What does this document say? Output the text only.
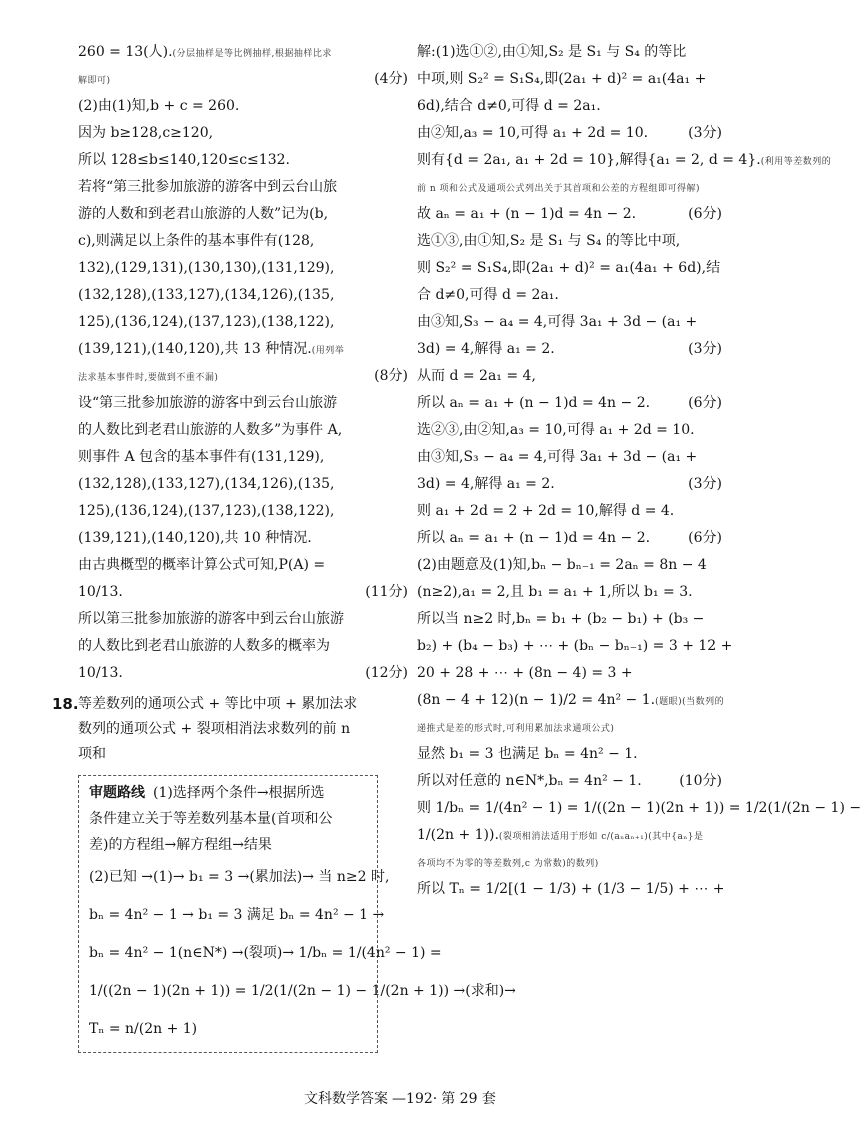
260 = 13(人).(分层抽样是等比例抽样,根据抽样比求
解即可)	(4分)
(2)由(1)知,b + c = 260.
因为 b≥128,c≥120,
所以 128≤b≤140,120≤c≤132.
若将“第三批参加旅游的游客中到云台山旅
游的人数和到老君山旅游的人数”记为(b,
c),则满足以上条件的基本事件有(128,
132),(129,131),(130,130),(131,129),
(132,128),(133,127),(134,126),(135,
125),(136,124),(137,123),(138,122),
(139,121),(140,120),共 13 种情况.(用列举
法求基本事件时,要做到不重不漏)	(8分)
设“第三批参加旅游的游客中到云台山旅游
的人数比到老君山旅游的人数多”为事件 A,
则事件 A 包含的基本事件有(131,129),
(132,128),(133,127),(134,126),(135,
125),(136,124),(137,123),(138,122),
(139,121),(140,120),共 10 种情况.
由古典概型的概率计算公式可知,P(A) =
10/13.	(11分)
所以第三批参加旅游的游客中到云台山旅游
的人数比到老君山旅游的人数多的概率为
10/13.	(12分)
18. 等差数列的通项公式 + 等比中项 + 累加法求
数列的通项公式 + 裂项相消法求数列的前 n
项和
审题路线 (1)选择两个条件→根据所选
条件建立关于等差数列基本量(首项和公
差)的方程组→解方程组→结果
(2)已知 →(1)→ b₁ = 3 →(累加法)→ 当 n≥2 时,
bₙ = 4n² − 1 → b₁ = 3 满足 bₙ = 4n² − 1 →
bₙ = 4n² − 1(n∈N*) →(裂项)→ 1/bₙ = 1/(4n² − 1) =
1/((2n − 1)(2n + 1)) = 1/2(1/(2n − 1) − 1/(2n + 1)) →(求和)→
Tₙ = n/(2n + 1)
解:(1)选①②,由①知,S₂ 是 S₁ 与 S₄ 的等比
中项,则 S₂² = S₁S₄,即(2a₁ + d)² = a₁(4a₁ +
6d),结合 d≠0,可得 d = 2a₁.
由②知,a₃ = 10,可得 a₁ + 2d = 10.	(3分)
则有{d = 2a₁, a₁ + 2d = 10},解得{a₁ = 2, d = 4}.(利用等差数列的
前 n 项和公式及通项公式列出关于其首项和公差的方程组即可得解)
故 aₙ = a₁ + (n − 1)d = 4n − 2.	(6分)
选①③,由①知,S₂ 是 S₁ 与 S₄ 的等比中项,
则 S₂² = S₁S₄,即(2a₁ + d)² = a₁(4a₁ + 6d),结
合 d≠0,可得 d = 2a₁.
由③知,S₃ − a₄ = 4,可得 3a₁ + 3d − (a₁ +
3d) = 4,解得 a₁ = 2.	(3分)
从而 d = 2a₁ = 4,
所以 aₙ = a₁ + (n − 1)d = 4n − 2.	(6分)
选②③,由②知,a₃ = 10,可得 a₁ + 2d = 10.
由③知,S₃ − a₄ = 4,可得 3a₁ + 3d − (a₁ +
3d) = 4,解得 a₁ = 2.	(3分)
则 a₁ + 2d = 2 + 2d = 10,解得 d = 4.
所以 aₙ = a₁ + (n − 1)d = 4n − 2.	(6分)
(2)由题意及(1)知,bₙ − bₙ₋₁ = 2aₙ = 8n − 4
(n≥2),a₁ = 2,且 b₁ = a₁ + 1,所以 b₁ = 3.
所以当 n≥2 时,bₙ = b₁ + (b₂ − b₁) + (b₃ −
b₂) + (b₄ − b₃) + ⋯ + (bₙ − bₙ₋₁) = 3 + 12 +
20 + 28 + ⋯ + (8n − 4) = 3 +
(8n − 4 + 12)(n − 1)/2 = 4n² − 1.(题眼)(当数列的
递推式是差的形式时,可利用累加法求通项公式)
显然 b₁ = 3 也满足 bₙ = 4n² − 1.
所以对任意的 n∈N*,bₙ = 4n² − 1.	(10分)
则 1/bₙ = 1/(4n² − 1) = 1/((2n − 1)(2n + 1)) = 1/2(1/(2n − 1) −
1/(2n + 1)).(裂项相消法适用于形如 c/(aₙaₙ₊₁)(其中{aₙ}是
各项均不为零的等差数列,c 为常数)的数列)
所以 Tₙ = 1/2[(1 − 1/3) + (1/3 − 1/5) + ⋯ +
文科数学答案 —192· 第 29 套
